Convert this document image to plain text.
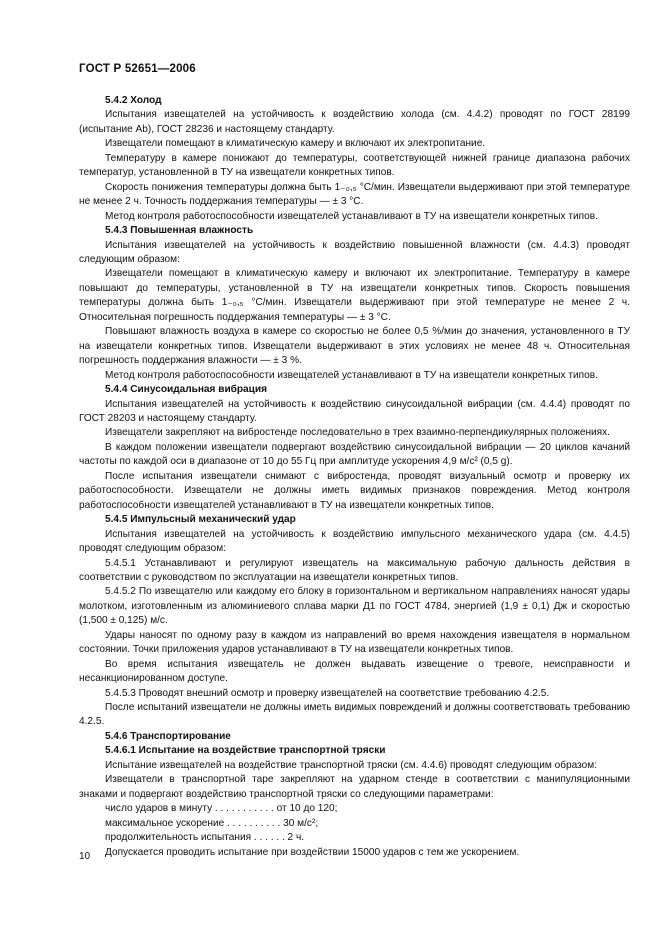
ГОСТ Р 52651—2006

5.4.2 Холод

Испытания извещателей на устойчивость к воздействию холода (см. 4.4.2) проводят по ГОСТ 28199 (испытание Ab), ГОСТ 28236 и настоящему стандарту.

Извещатели помещают в климатическую камеру и включают их электропитание.

Температуру в камере понижают до температуры, соответствующей нижней границе диапазона рабочих температур, установленной в ТУ на извещатели конкретных типов.

Скорость понижения температуры должна быть 1₋₀,₅ °C/мин. Извещатели выдерживают при этой температуре не менее 2 ч. Точность поддержания температуры — ± 3 °C.

Метод контроля работоспособности извещателей устанавливают в ТУ на извещатели конкретных типов.

5.4.3 Повышенная влажность

Испытания извещателей на устойчивость к воздействию повышенной влажности (см. 4.4.3) проводят следующим образом:

Извещатели помещают в климатическую камеру и включают их электропитание. Температуру в камере повышают до температуры, установленной в ТУ на извещатели конкретных типов. Скорость повышения температуры должна быть 1₋₀,₅ °C/мин. Извещатели выдерживают при этой температуре не менее 2 ч. Относительная погрешность поддержания температуры — ± 3 °C.

Повышают влажность воздуха в камере со скоростью не более 0,5 %/мин до значения, установленного в ТУ на извещатели конкретных типов. Извещатели выдерживают в этих условиях не менее 48 ч. Относительная погрешность поддержания влажности — ± 3 %.

Метод контроля работоспособности извещателей устанавливают в ТУ на извещатели конкретных типов.

5.4.4 Синусоидальная вибрация

Испытания извещателей на устойчивость к воздействию синусоидальной вибрации (см. 4.4.4) проводят по ГОСТ 28203 и настоящему стандарту.

Извещатели закрепляют на вибростенде последовательно в трех взаимно-перпендикулярных положениях.

В каждом положении извещатели подвергают воздействию синусоидальной вибрации — 20 циклов качаний частоты по каждой оси в диапазоне от 10 до 55 Гц при амплитуде ускорения 4,9 м/с² (0,5 g).

После испытания извещатели снимают с вибростенда, проводят визуальный осмотр и проверку их работоспособности. Извещатели не должны иметь видимых признаков повреждения. Метод контроля работоспособности извещателей устанавливают в ТУ на извещатели конкретных типов.

5.4.5 Импульсный механический удар

Испытания извещателей на устойчивость к воздействию импульсного механического удара (см. 4.4.5) проводят следующим образом:

5.4.5.1 Устанавливают и регулируют извещатель на максимальную рабочую дальность действия в соответствии с руководством по эксплуатации на извещатели конкретных типов.

5.4.5.2 По извещателю или каждому его блоку в горизонтальном и вертикальном направлениях наносят удары молотком, изготовленным из алюминиевого сплава марки Д1 по ГОСТ 4784, энергией (1,9 ± 0,1) Дж и скоростью (1,500 ± 0,125) м/с.

Удары наносят по одному разу в каждом из направлений во время нахождения извещателя в нормальном состоянии. Точки приложения ударов устанавливают в ТУ на извещатели конкретных типов.

Во время испытания извещатель не должен выдавать извещение о тревоге, неисправности и несанкционированном доступе.

5.4.5.3 Проводят внешний осмотр и проверку извещателей на соответствие требованию 4.2.5.

После испытаний извещатели не должны иметь видимых повреждений и должны соответствовать требованию 4.2.5.

5.4.6 Транспортирование

5.4.6.1 Испытание на воздействие транспортной тряски

Испытание извещателей на воздействие транспортной тряски (см. 4.4.6) проводят следующим образом:

Извещатели в транспортной таре закрепляют на ударном стенде в соответствии с манипуляционными знаками и подвергают воздействию транспортной тряски со следующими параметрами:

число ударов в минуту . . . . . . . . . . . от 10 до 120;

максимальное ускорение . . . . . . . . . . 30 м/с²;

продолжительность испытания . . . . . . 2 ч.

Допускается проводить испытание при воздействии 15000 ударов с тем же ускорением.

10
